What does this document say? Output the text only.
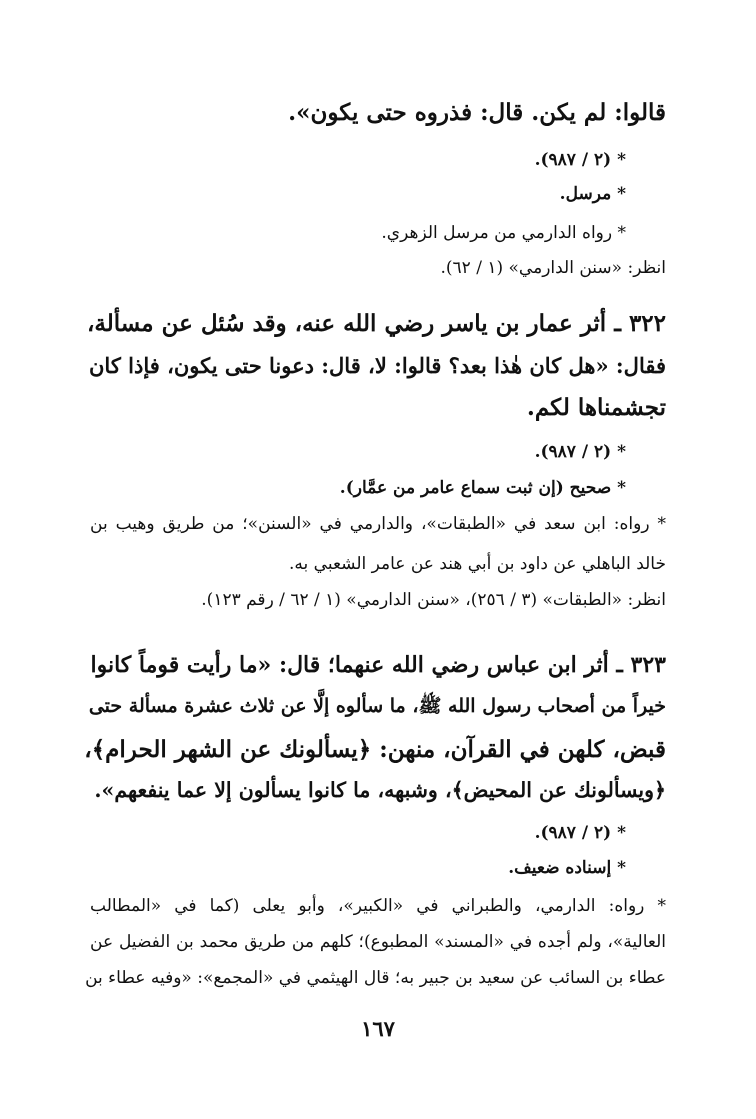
قالوا: لم يكن. قال: فذروه حتى يكون».
* (٢ / ٩٨٧).
* مرسل.
* رواه الدارمي من مرسل الزهري.
انظر: «سنن الدارمي» (١ / ٦٢).
٣٢٢ ـ أثر عمار بن ياسر رضي الله عنه، وقد سُئل عن مسألة،
فقال: «هل كان هٰذا بعد؟ قالوا: لا، قال: دعونا حتى يكون، فإذا كان
تجشمناها لكم.
* (٢ / ٩٨٧).
* صحيح (إن ثبت سماع عامر من عمَّار).
* رواه: ابن سعد في «الطبقات»، والدارمي في «السنن»؛ من طريق وهيب بن
خالد الباهلي عن داود بن أبي هند عن عامر الشعبي به.
انظر: «الطبقات» (٣ / ٢٥٦)، «سنن الدارمي» (١ / ٦٢ / رقم ١٢٣).
٣٢٣ ـ أثر ابن عباس رضي الله عنهما؛ قال: «ما رأيت قوماً كانوا
خيراً من أصحاب رسول الله ﷺ، ما سألوه إلَّا عن ثلاث عشرة مسألة حتى
قبض، كلهن في القرآن، منهن: ﴿يسألونك عن الشهر الحرام﴾،
﴿ويسألونك عن المحيض﴾، وشبهه، ما كانوا يسألون إلا عما ينفعهم».
* (٢ / ٩٨٧).
* إسناده ضعيف.
* رواه: الدارمي، والطبراني في «الكبير»، وأبو يعلى (كما في «المطالب
العالية»، ولم أجده في «المسند» المطبوع)؛ كلهم من طريق محمد بن الفضيل عن
عطاء بن السائب عن سعيد بن جبير به؛ قال الهيثمي في «المجمع»: «وفيه عطاء بن
١٦٧
